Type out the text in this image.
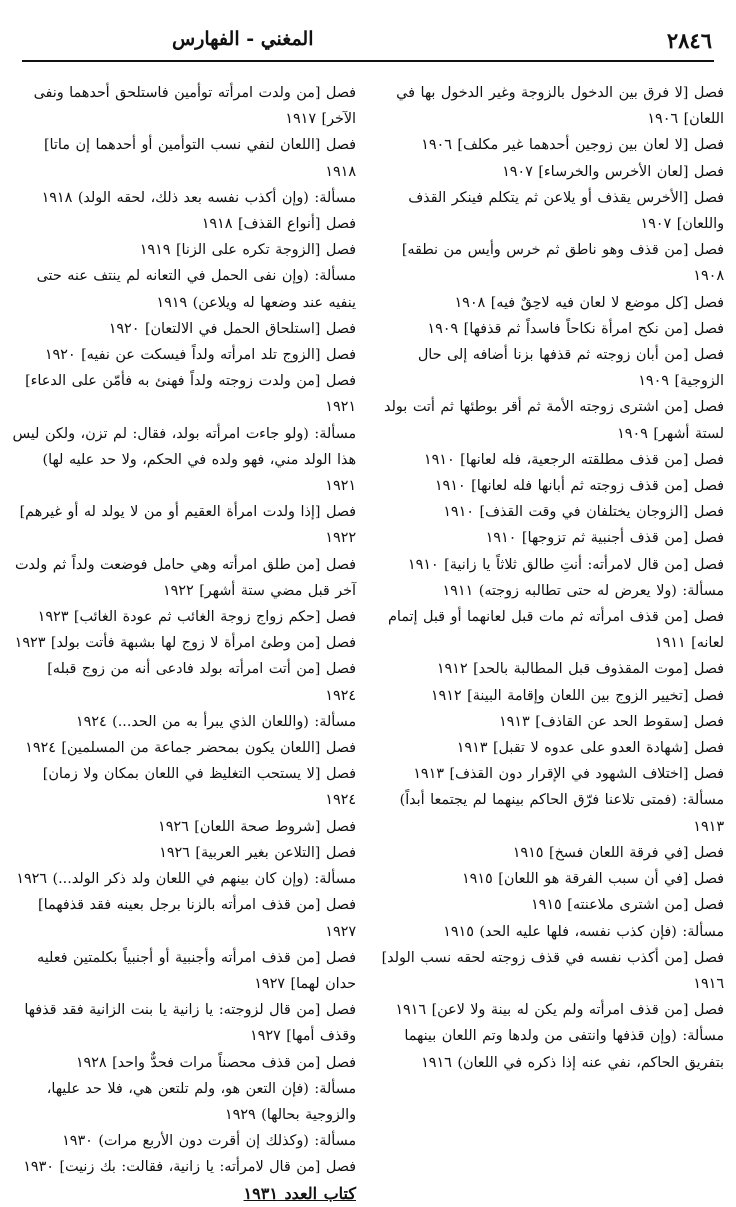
٢٨٤٦
المغني - الفهارس

فصل [لا فرق بين الدخول بالزوجة وغير الدخول بها في اللعان] ١٩٠٦

فصل [لا لعان بين زوجين أحدهما غير مكلف] ١٩٠٦

فصل [لعان الأخرس والخرساء] ١٩٠٧

فصل [الأخرس يقذف أو يلاعن ثم يتكلم فينكر القذف واللعان] ١٩٠٧

فصل [من قذف وهو ناطق ثم خرس وأيس من نطقه] ١٩٠٨

فصل [كل موضع لا لعان فيه لاحِقٌ فيه] ١٩٠٨

فصل [من نكح امرأة نكاحاً فاسداً ثم قذفها] ١٩٠٩

فصل [من أبان زوجته ثم قذفها بزنا أضافه إلى حال الزوجية] ١٩٠٩

فصل [من اشترى زوجته الأمة ثم أقر بوطئها ثم أتت بولد لستة أشهر] ١٩٠٩

فصل [من قذف مطلقته الرجعية، فله لعانها] ١٩١٠

فصل [من قذف زوجته ثم أبانها فله لعانها] ١٩١٠

فصل [الزوجان يختلفان في وقت القذف] ١٩١٠

فصل [من قذف أجنبية ثم تزوجها] ١٩١٠

فصل [من قال لامرأته: أنتِ طالق ثلاثاً يا زانية] ١٩١٠

مسألة: (ولا يعرض له حتى تطالبه زوجته) ١٩١١

فصل [من قذف امرأته ثم مات قبل لعانهما أو قبل إتمام لعانه] ١٩١١

فصل [موت المقذوف قبل المطالبة بالحد] ١٩١٢

فصل [تخيير الزوج بين اللعان وإقامة البينة] ١٩١٢

فصل [سقوط الحد عن القاذف] ١٩١٣

فصل [شهادة العدو على عدوه لا تقبل] ١٩١٣

فصل [اختلاف الشهود في الإقرار دون القذف] ١٩١٣

مسألة: (فمتى تلاعنا فرّق الحاكم بينهما لم يجتمعا أبداً) ١٩١٣

فصل [في فرقة اللعان فسخ] ١٩١٥

فصل [في أن سبب الفرقة هو اللعان] ١٩١٥

فصل [من اشترى ملاعنته] ١٩١٥

مسألة: (فإن كذب نفسه، فلها عليه الحد) ١٩١٥

فصل [من أكذب نفسه في قذف زوجته لحقه نسب الولد] ١٩١٦

فصل [من قذف امرأته ولم يكن له بينة ولا لاعن] ١٩١٦

مسألة: (وإن قذفها وانتفى من ولدها وتم اللعان بينهما بتفريق الحاكم، نفي عنه إذا ذكره في اللعان) ١٩١٦

فصل [من ولدت امرأته توأمين فاستلحق أحدهما ونفى الآخر] ١٩١٧

فصل [اللعان لنفي نسب التوأمين أو أحدهما إن ماتا] ١٩١٨

مسألة: (وإن أكذب نفسه بعد ذلك، لحقه الولد) ١٩١٨

فصل [أنواع القذف] ١٩١٨

فصل [الزوجة تكره على الزنا] ١٩١٩

مسألة: (وإن نفى الحمل في التعانه لم ينتف عنه حتى ينفيه عند وضعها له ويلاعن) ١٩١٩

فصل [استلحاق الحمل في الالتعان] ١٩٢٠

فصل [الزوج تلد امرأته ولداً فيسكت عن نفيه] ١٩٢٠

فصل [من ولدت زوجته ولداً فهنئ به فأمّن على الدعاء] ١٩٢١

مسألة: (ولو جاءت امرأته بولد، فقال: لم تزن، ولكن ليس هذا الولد مني، فهو ولده في الحكم، ولا حد عليه لها) ١٩٢١

فصل [إذا ولدت امرأة العقيم أو من لا يولد له أو غيرهم] ١٩٢٢

فصل [من طلق امرأته وهي حامل فوضعت ولداً ثم ولدت آخر قبل مضي ستة أشهر] ١٩٢٢

فصل [حكم زواج زوجة الغائب ثم عودة الغائب] ١٩٢٣

فصل [من وطئ امرأة لا زوج لها بشبهة فأتت بولد] ١٩٢٣

فصل [من أتت امرأته بولد فادعى أنه من زوج قبله] ١٩٢٤

مسألة: (واللعان الذي يبرأ به من الحد...) ١٩٢٤

فصل [اللعان يكون بمحضر جماعة من المسلمين] ١٩٢٤

فصل [لا يستحب التغليظ في اللعان بمكان ولا زمان] ١٩٢٤

فصل [شروط صحة اللعان] ١٩٢٦

فصل [التلاعن بغير العربية] ١٩٢٦

مسألة: (وإن كان بينهم في اللعان ولد ذكر الولد...) ١٩٢٦

فصل [من قذف امرأته بالزنا برجل بعينه فقد قذفهما] ١٩٢٧

فصل [من قذف امرأته وأجنبية أو أجنبياً بكلمتين فعليه حدان لهما] ١٩٢٧

فصل [من قال لزوجته: يا زانية يا بنت الزانية فقد قذفها وقذف أمها] ١٩٢٧

فصل [من قذف محصناً مرات فحدٌّ واحد] ١٩٢٨

مسألة: (فإن التعن هو، ولم تلتعن هي، فلا حد عليها، والزوجية بحالها) ١٩٢٩

مسألة: (وكذلك إن أقرت دون الأربع مرات) ١٩٣٠

فصل [من قال لامرأته: يا زانية، فقالت: بك زنيت] ١٩٣٠

كتاب العدد ١٩٣١
